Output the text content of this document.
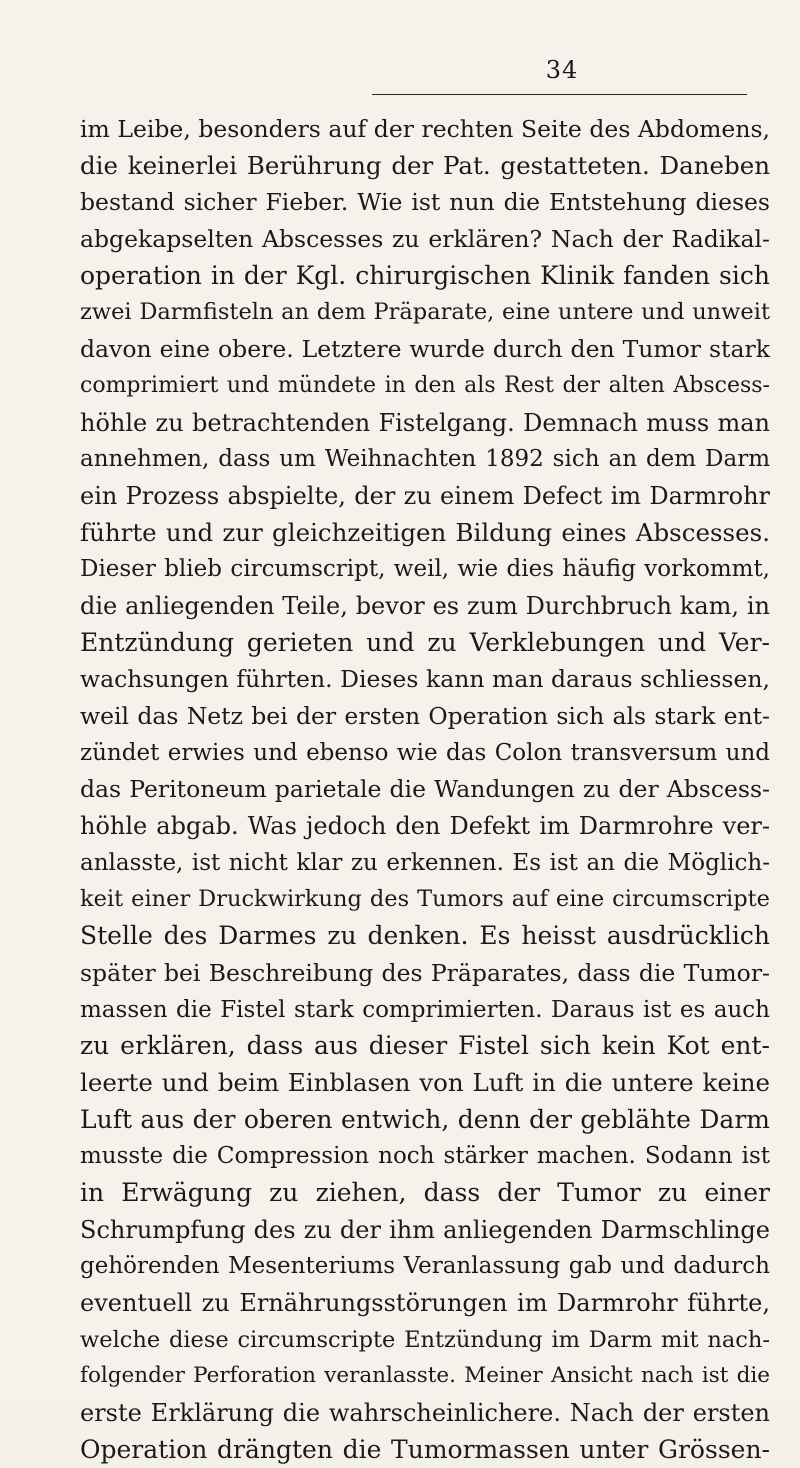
34
im Leibe, besonders auf der rechten Seite des Abdomens,
die keinerlei Berührung der Pat. gestatteten. Daneben
bestand sicher Fieber. Wie ist nun die Entstehung dieses
abgekapselten Abscesses zu erklären? Nach der Radikal-
operation in der Kgl. chirurgischen Klinik fanden sich
zwei Darmfisteln an dem Präparate, eine untere und unweit
davon eine obere. Letztere wurde durch den Tumor stark
comprimiert und mündete in den als Rest der alten Abscess-
höhle zu betrachtenden Fistelgang. Demnach muss man
annehmen, dass um Weihnachten 1892 sich an dem Darm
ein Prozess abspielte, der zu einem Defect im Darmrohr
führte und zur gleichzeitigen Bildung eines Abscesses.
Dieser blieb circumscript, weil, wie dies häufig vorkommt,
die anliegenden Teile, bevor es zum Durchbruch kam, in
Entzündung gerieten und zu Verklebungen und Ver-
wachsungen führten. Dieses kann man daraus schliessen,
weil das Netz bei der ersten Operation sich als stark ent-
zündet erwies und ebenso wie das Colon transversum und
das Peritoneum parietale die Wandungen zu der Abscess-
höhle abgab. Was jedoch den Defekt im Darmrohre ver-
anlasste, ist nicht klar zu erkennen. Es ist an die Möglich-
keit einer Druckwirkung des Tumors auf eine circumscripte
Stelle des Darmes zu denken. Es heisst ausdrücklich
später bei Beschreibung des Präparates, dass die Tumor-
massen die Fistel stark comprimierten. Daraus ist es auch
zu erklären, dass aus dieser Fistel sich kein Kot ent-
leerte und beim Einblasen von Luft in die untere keine
Luft aus der oberen entwich, denn der geblähte Darm
musste die Compression noch stärker machen. Sodann ist
in Erwägung zu ziehen, dass der Tumor zu einer
Schrumpfung des zu der ihm anliegenden Darmschlinge
gehörenden Mesenteriums Veranlassung gab und dadurch
eventuell zu Ernährungsstörungen im Darmrohr führte,
welche diese circumscripte Entzündung im Darm mit nach-
folgender Perforation veranlasste. Meiner Ansicht nach ist die
erste Erklärung die wahrscheinlichere. Nach der ersten
Operation drängten die Tumormassen unter Grössen-
